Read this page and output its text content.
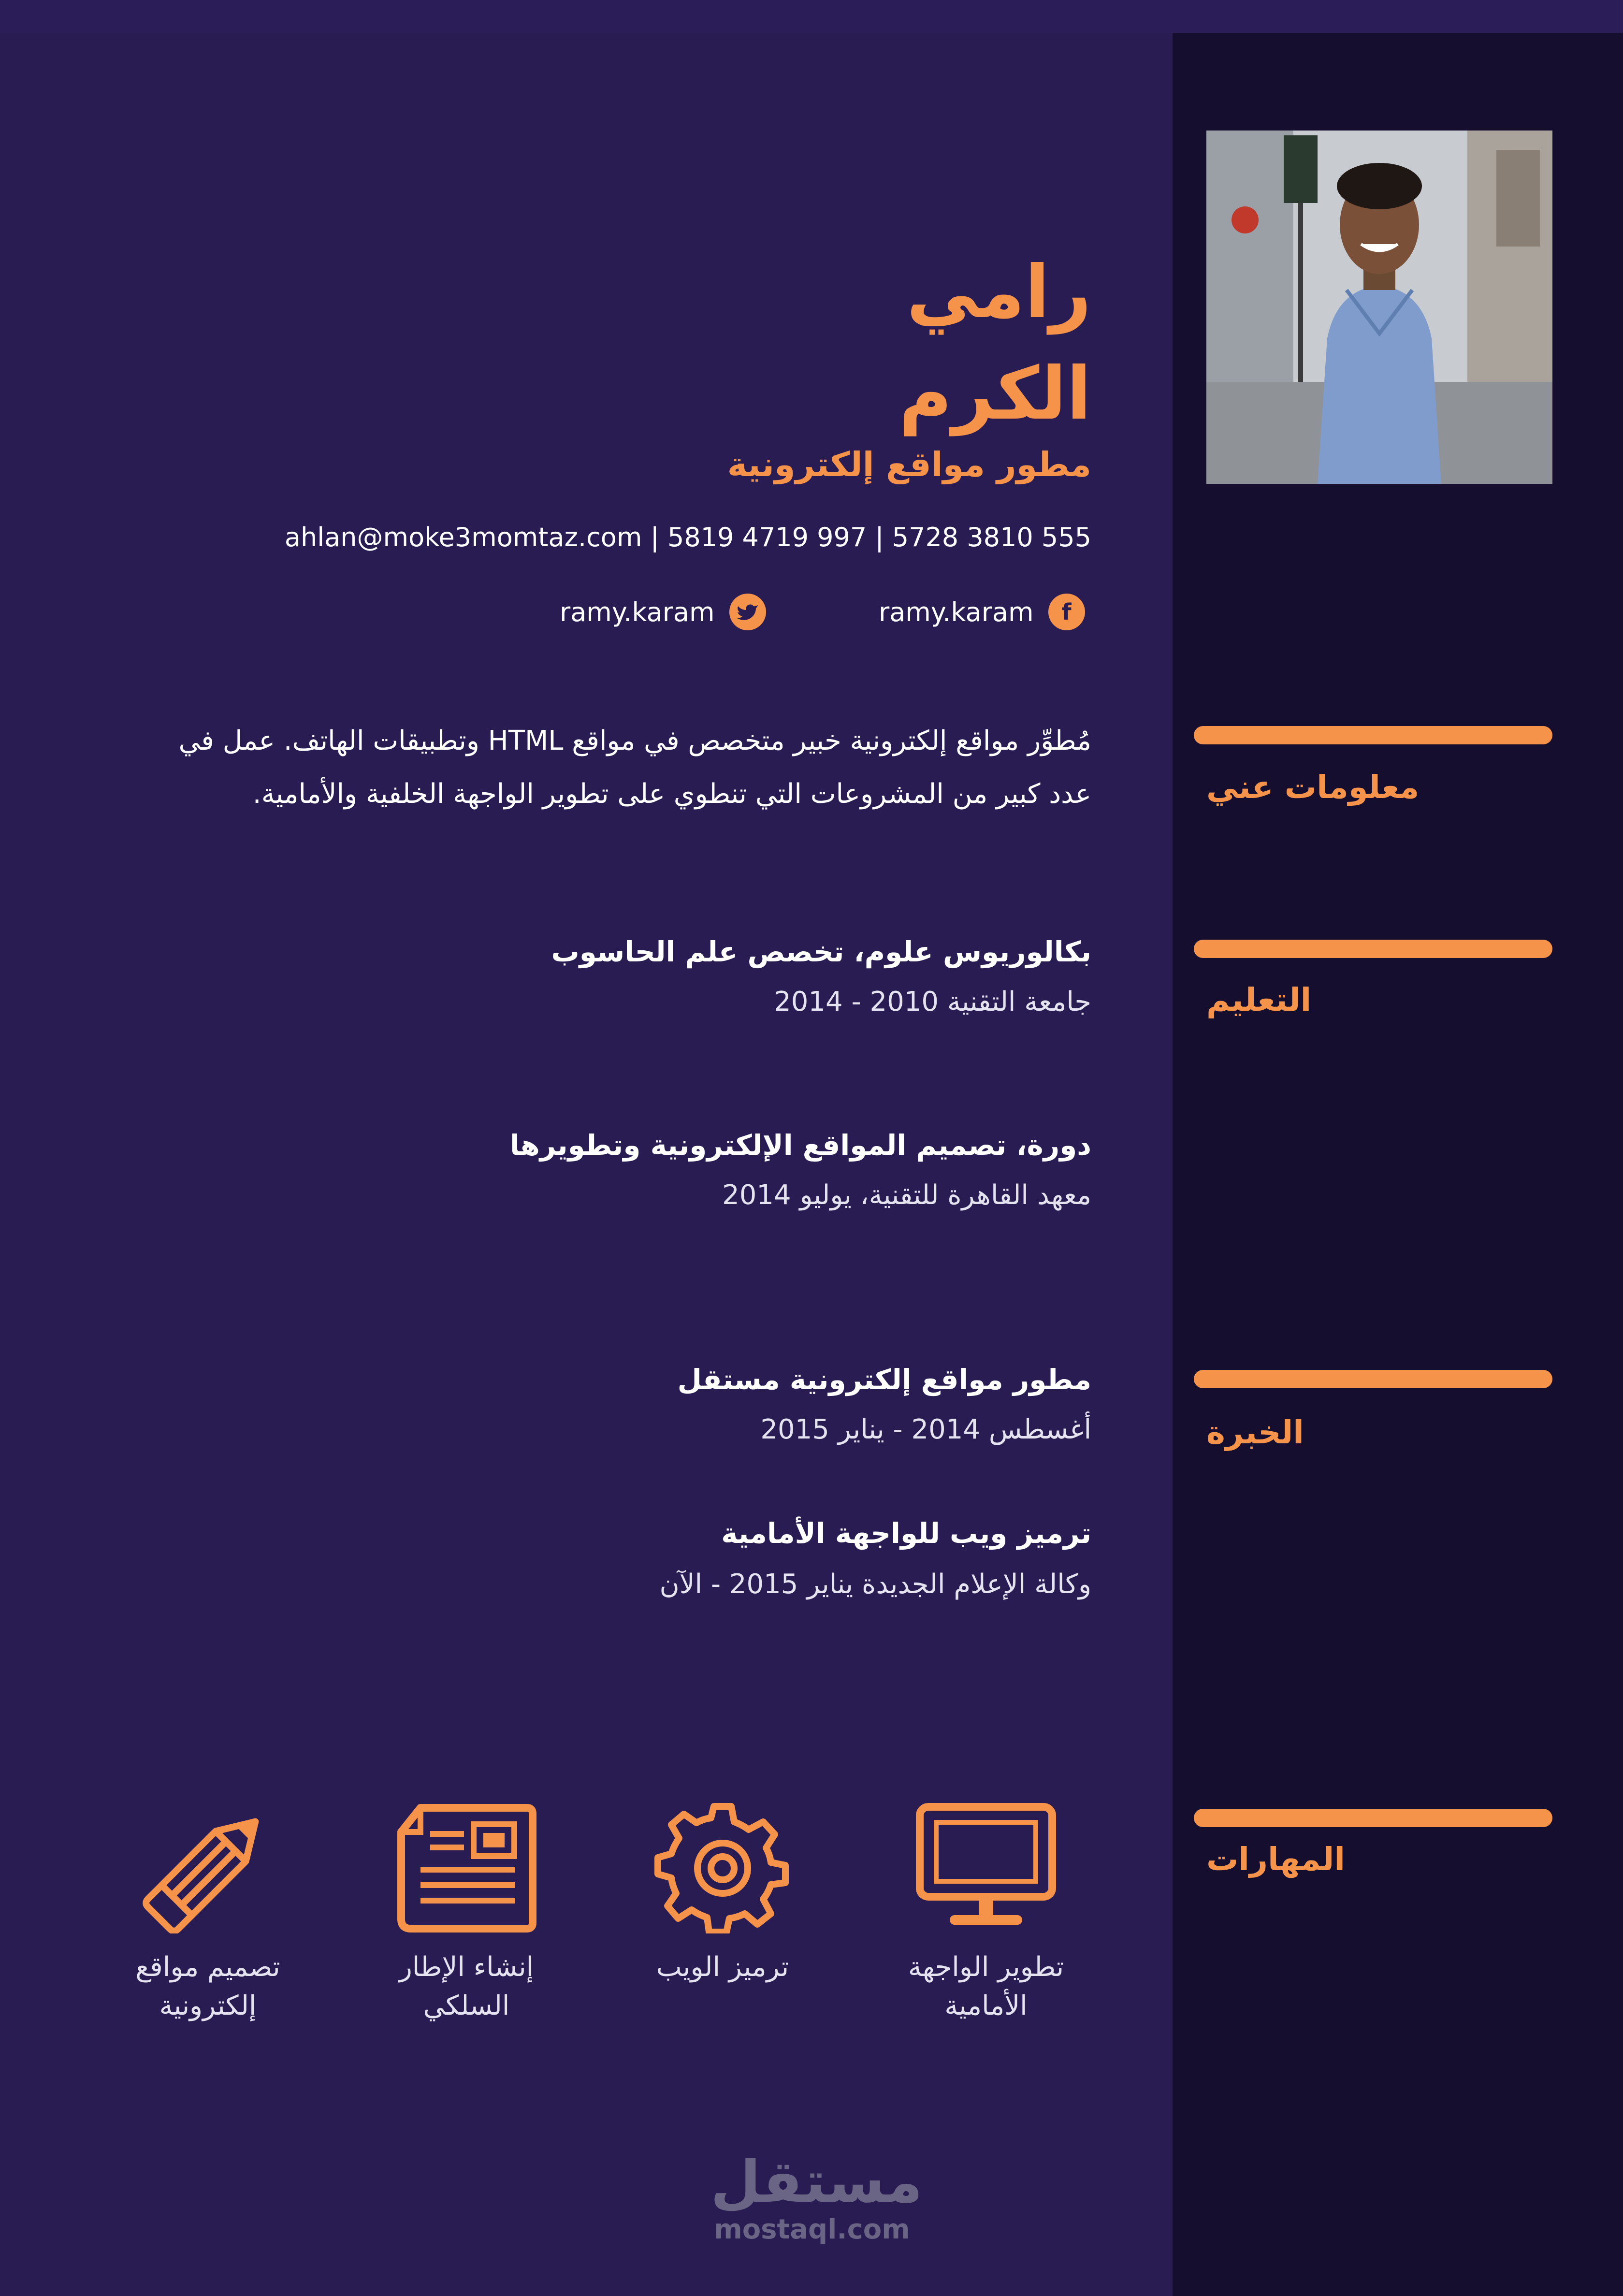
رامي
الكرم
مطور مواقع إلكترونية
ahlan@moke3momtaz.com | 5819 4719 997 | 5728 3810 555
ramy.karam	f
ramy.karam
معلومات عني
مُطوِّر مواقع إلكترونية خبير متخصص في مواقع HTML وتطبيقات الهاتف. عمل في
عدد كبير من المشروعات التي تنطوي على تطوير الواجهة الخلفية والأمامية.
التعليم
بكالوريوس علوم، تخصص علم الحاسوب
جامعة التقنية 2010 - 2014
دورة، تصميم المواقع الإلكترونية وتطويرها
معهد القاهرة للتقنية، يوليو 2014
الخبرة
مطور مواقع إلكترونية مستقل
أغسطس 2014 - يناير 2015
ترميز ويب للواجهة الأمامية
وكالة الإعلام الجديدة يناير 2015 - الآن
المهارات
تطوير الواجهة
الأمامية
ترميز الويب
إنشاء الإطار
السلكي
تصميم مواقع
إلكترونية
مستقل
mostaql.com
